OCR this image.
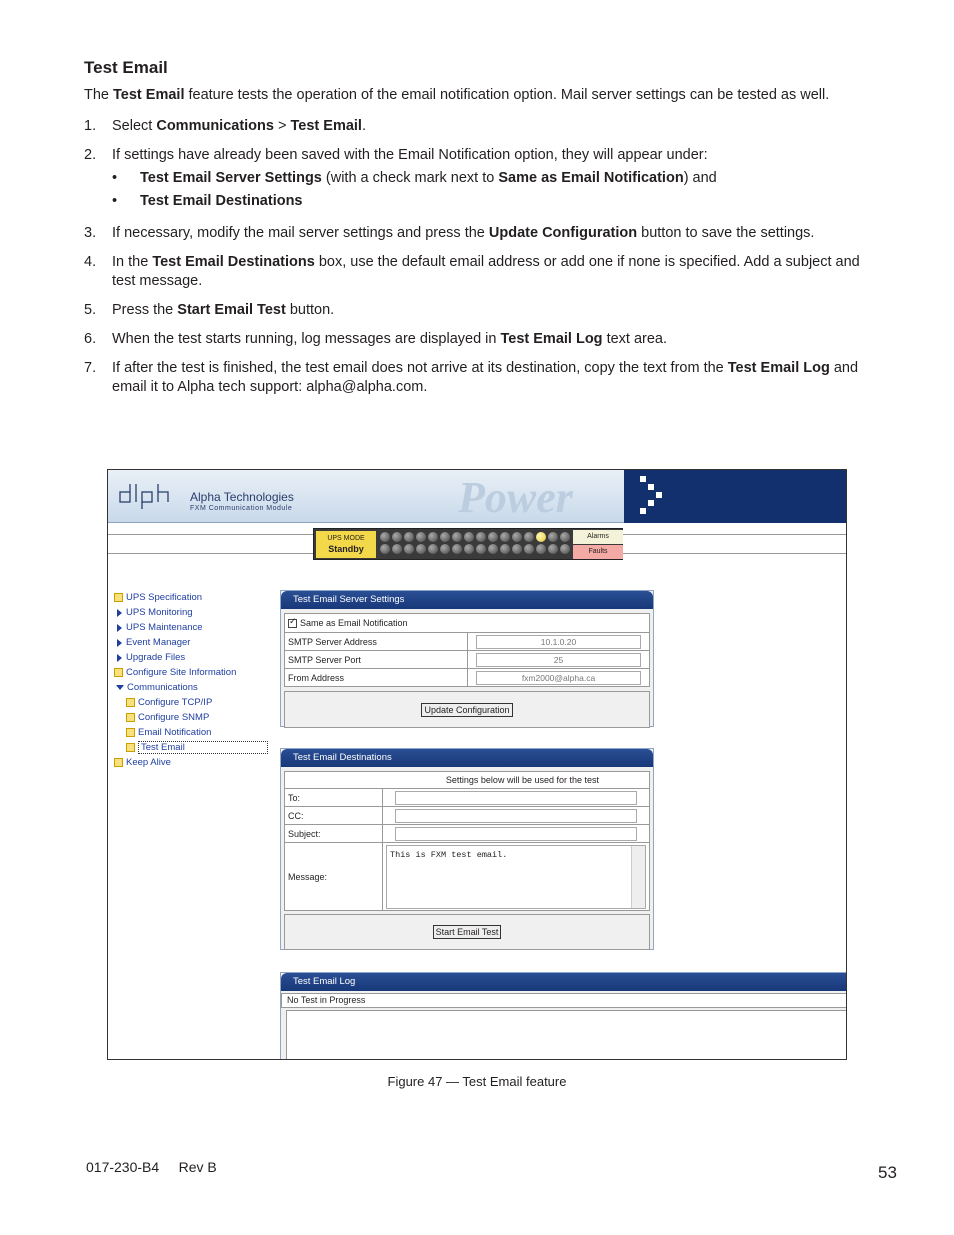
Test Email
The Test Email feature tests the operation of the email notification option. Mail server settings can be tested as well.
1.	Select Communications > Test Email.
2.	If settings have already been saved with the Email Notification option, they will appear under:
•	Test Email Server Settings (with a check mark next to Same as Email Notification) and
•	Test Email Destinations
3.	If necessary, modify the mail server settings and press the Update Configuration button to save the settings.
4.	In the Test Email Destinations box, use the default email address or add one if none is specified. Add a subject and test message.
5.	Press the Start Email Test button.
6.	When the test starts running, log messages are displayed in Test Email Log text area.
7.	If after the test is finished, the test email does not arrive at its destination, copy the text from the Test Email Log and email it to Alpha tech support: alpha@alpha.com.
Alpha Technologies
FXM Communication Module	Power
UPS MODE
Standby
Alarms
Faults
UPS Specification
UPS Monitoring
UPS Maintenance
Event Manager
Upgrade Files
Configure Site Information
Communications
Configure TCP/IP
Configure SNMP
Email Notification
Test Email
Keep Alive
Test Email Server Settings
✓Same as Email Notification
SMTP Server Address	10.1.0.20
SMTP Server Port	25
From Address	fxm2000@alpha.ca
Update Configuration
Test Email Destinations
Settings below will be used for the test
To:
CC:
Subject:
Message:
This is FXM test email.
Start Email Test
Test Email Log
No Test in Progress
Figure 47 — Test Email feature
017-230-B4     Rev B	53
